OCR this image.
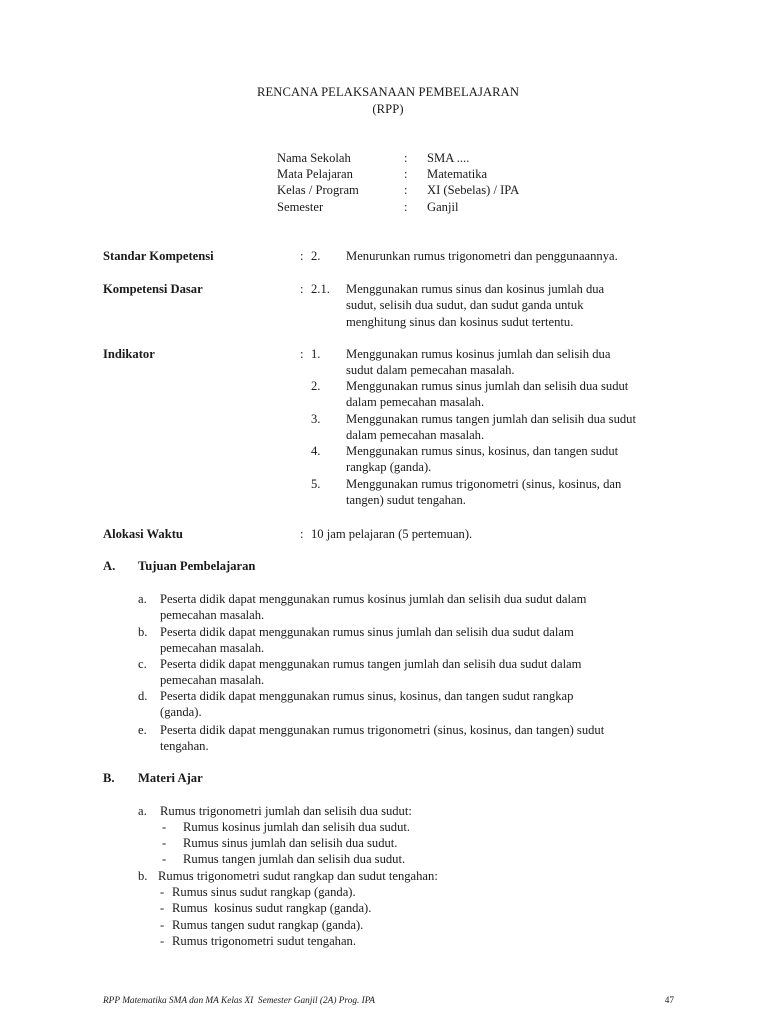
RENCANA PELAKSANAAN PEMBELAJARAN
(RPP)
Nama Sekolah	: SMA ....
Mata Pelajaran	: Matematika
Kelas / Program	: XI (Sebelas) / IPA
Semester	: Ganjil
Standar Kompetensi	: 2. Menurunkan rumus trigonometri dan penggunaannya.
Kompetensi Dasar	: 2.1. Menggunakan rumus sinus dan kosinus jumlah dua
sudut, selisih dua sudut, dan sudut ganda untuk
menghitung sinus dan kosinus sudut tertentu.
Indikator	: 1. Menggunakan rumus kosinus jumlah dan selisih dua
sudut dalam pemecahan masalah.
2. Menggunakan rumus sinus jumlah dan selisih dua sudut
dalam pemecahan masalah.
3. Menggunakan rumus tangen jumlah dan selisih dua sudut
dalam pemecahan masalah.
4. Menggunakan rumus sinus, kosinus, dan tangen sudut
rangkap (ganda).
5. Menggunakan rumus trigonometri (sinus, kosinus, dan
tangen) sudut tengahan.
Alokasi Waktu	: 10 jam pelajaran (5 pertemuan).
A. Tujuan Pembelajaran
a.	Peserta didik dapat menggunakan rumus kosinus jumlah dan selisih dua sudut dalam
pemecahan masalah.
b. Peserta didik dapat menggunakan rumus sinus jumlah dan selisih dua sudut dalam
pemecahan masalah.
c.	Peserta didik dapat menggunakan rumus tangen jumlah dan selisih dua sudut dalam
pemecahan masalah.
d. Peserta didik dapat menggunakan rumus sinus, kosinus, dan tangen sudut rangkap
(ganda).
e.	Peserta didik dapat menggunakan rumus trigonometri (sinus, kosinus, dan tangen) sudut
tengahan.
B. Materi Ajar
a. Rumus trigonometri jumlah dan selisih dua sudut:
- Rumus kosinus jumlah dan selisih dua sudut.
- Rumus sinus jumlah dan selisih dua sudut.
- Rumus tangen jumlah dan selisih dua sudut.
b. Rumus trigonometri sudut rangkap dan sudut tengahan:
- Rumus sinus sudut rangkap (ganda).
- Rumus  kosinus sudut rangkap (ganda).
- Rumus tangen sudut rangkap (ganda).
- Rumus trigonometri sudut tengahan.
RPP Matematika SMA dan MA Kelas XI  Semester Ganjil (2A) Prog. IPA	47
